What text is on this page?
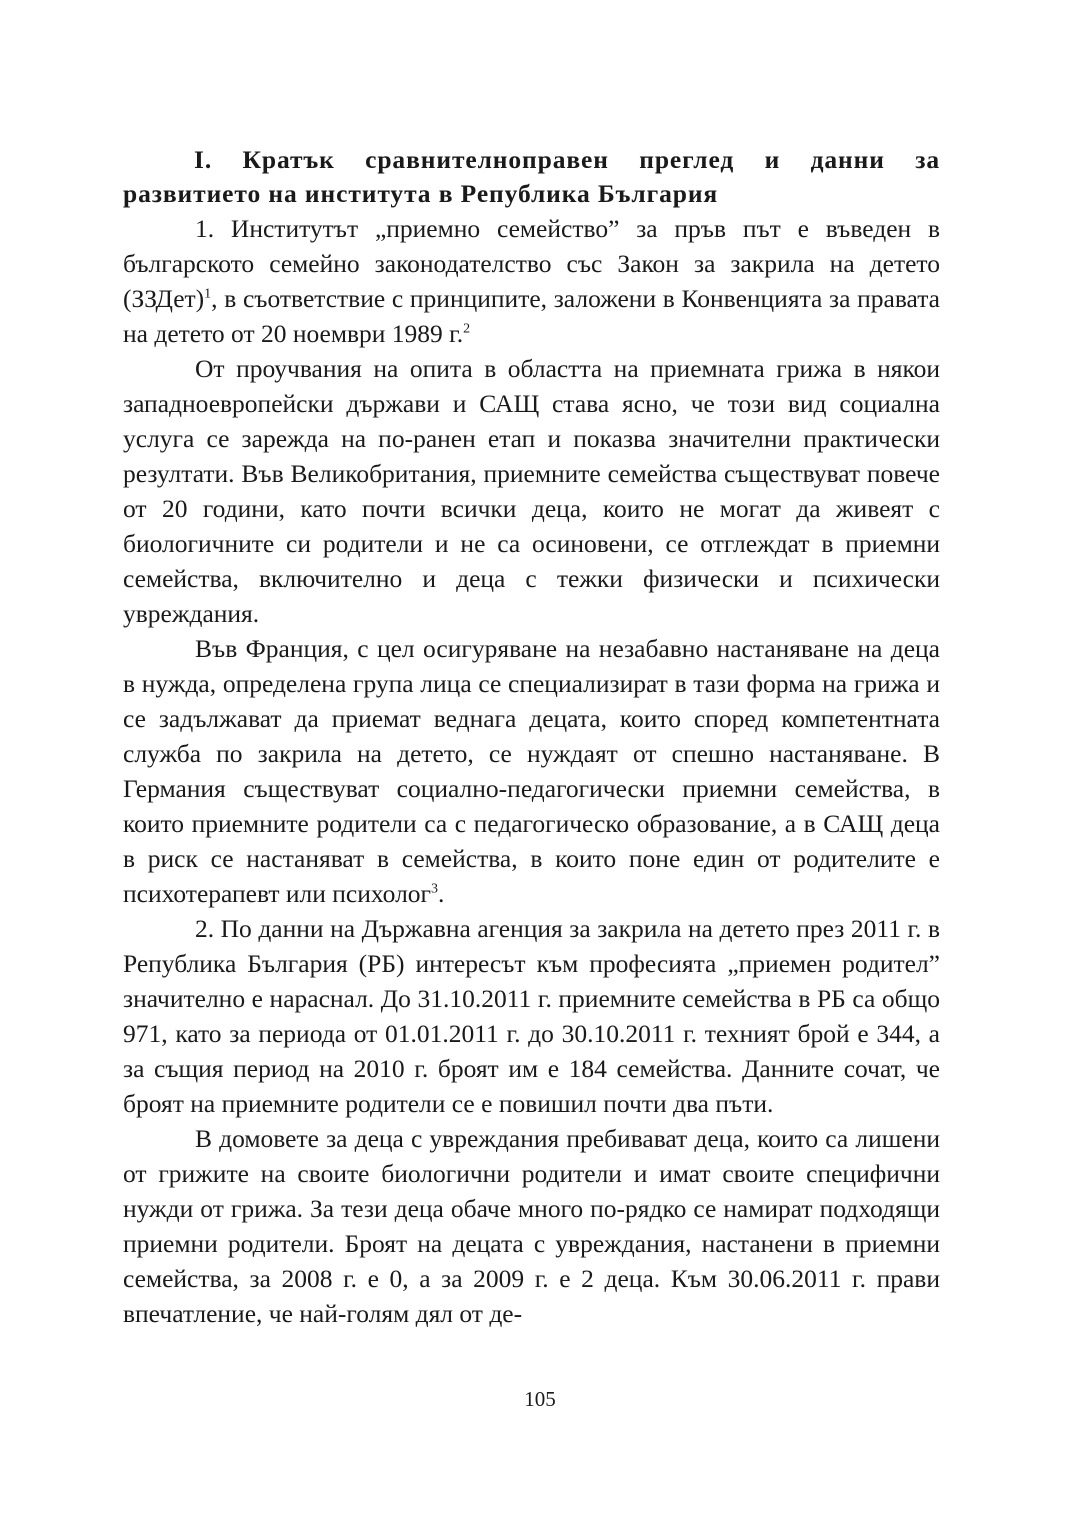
I. Кратък сравнителноправен преглед и данни за развитието на института в Република България

1. Институтът „приемно семейство” за пръв път е въведен в българското семейно законодателство със Закон за закрила на детето (ЗЗДет)$^1$, в съответствие с принципите, заложени в Конвенцията за правата на детето от 20 ноември 1989 г.$^2$

От проучвания на опита в областта на приемната грижа в някои западноевропейски държави и САЩ става ясно, че този вид социална услуга се зарежда на по-ранен етап и показва значителни практически резултати. Във Великобритания, приемните семейства съществуват повече от 20 години, като почти всички деца, които не могат да живеят с биологичните си родители и не са осиновени, се отглеждат в приемни семейства, включително и деца с тежки физически и психически увреждания.

Във Франция, с цел осигуряване на незабавно настаняване на деца в нужда, определена група лица се специализират в тази форма на грижа и се задължават да приемат веднага децата, които според компетентната служба по закрила на детето, се нуждаят от спешно настаняване. В Германия съществуват социално-педагогически приемни семейства, в които приемните родители са с педагогическо образование, а в САЩ деца в риск се настаняват в семейства, в които поне един от родителите е психотерапевт или психолог$^3$.

2. По данни на Държавна агенция за закрила на детето през 2011 г. в Република България (РБ) интересът към професията „приемен родител” значително е нараснал. До 31.10.2011 г. приемните семейства в РБ са общо 971, като за периода от 01.01.2011 г. до 30.10.2011 г. техният брой е 344, а за същия период на 2010 г. броят им е 184 семейства. Данните сочат, че броят на приемните родители се е повишил почти два пъти.

В домовете за деца с увреждания пребивават деца, които са лишени от грижите на своите биологични родители и имат своите специфични нужди от грижа. За тези деца обаче много по-рядко се намират подходящи приемни родители. Броят на децата с увреждания, настанени в приемни семейства, за 2008 г. е 0, а за 2009 г. е 2 деца. Към 30.06.2011 г. прави впечатление, че най-голям дял от де-

105
